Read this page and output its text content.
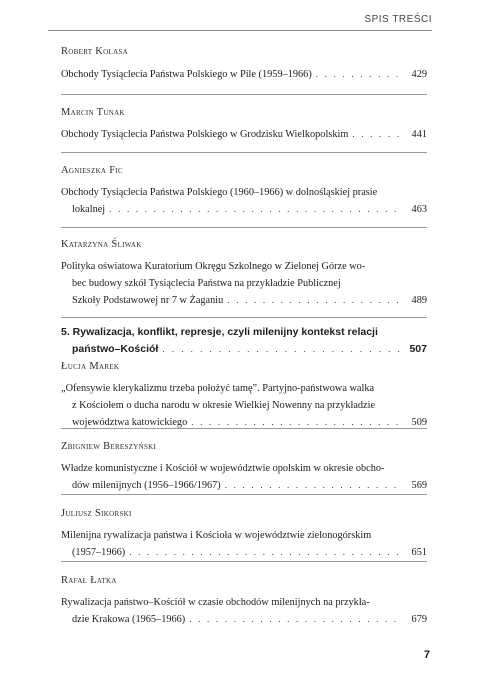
SPIS TREŚCI
Robert Kolasa
Obchody Tysiąclecia Państwa Polskiego w Pile (1959–1966) . . .	429
Marcin Tunak
Obchody Tysiąclecia Państwa Polskiego w Grodzisku Wielkopolskim . . .	441
Agnieszka Fic
Obchody Tysiąclecia Państwa Polskiego (1960–1966) w dolnośląskiej prasie
lokalnej . . .	463
Katarzyna Śliwak
Polityka oświatowa Kuratorium Okręgu Szkolnego w Zielonej Górze wo-
bec budowy szkół Tysiąclecia Państwa na przykładzie Publicznej
Szkoły Podstawowej nr 7 w Żaganiu . . .	489
5. Rywalizacja, konflikt, represje, czyli milenijny kontekst relacji
państwo–Kościół . . .	507
Łucja Marek
„Ofensywie klerykalizmu trzeba położyć tamę”. Partyjno-państwowa walka
z Kościołem o ducha narodu w okresie Wielkiej Nowenny na przykładzie
województwa katowickiego . . .	509
Zbigniew Bereszyński
Władze komunistyczne i Kościół w województwie opolskim w okresie obcho-
dów milenijnych (1956–1966/1967) . . .	569
Juliusz Sikorski
Milenijna rywalizacja państwa i Kościoła w województwie zielonogórskim
(1957–1966) . . .	651
Rafał Łatka
Rywalizacja państwo–Kościół w czasie obchodów milenijnych na przykła-
dzie Krakowa (1965–1966) . . .	679
7
